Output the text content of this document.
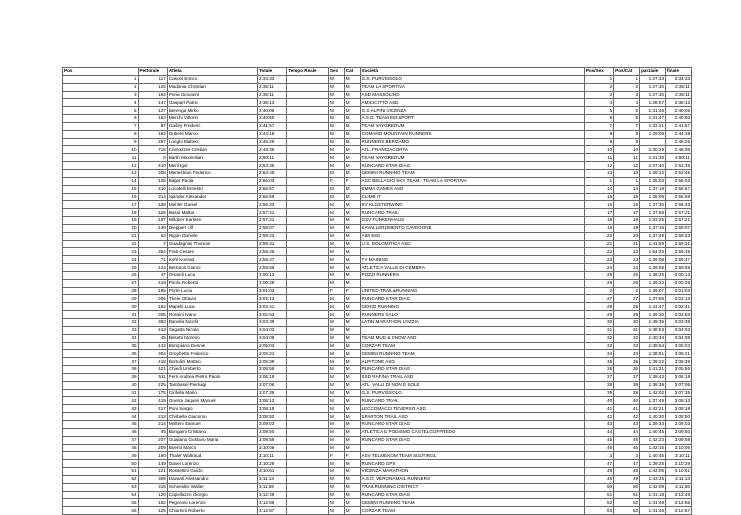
Pos	Pettorale	Atleta	Totale	Tempo Reale	Sex	Cat	Società	Pos/Sex	Pos/Cat	parziale	finale
1	117	Casoni Enrico	2:34:33		M	M	G.S. PURVISSOLO	1	1	1:27:33	2:34:33
2	125	Madonia Christian	2:35:11		M	M	TEAM LA SPORTIVA	2	2	1:27:30	2:35:11
3	164	Poria Giovanni	2:36:11		M	M	ASD MASSOLINO	3	3	1:27:30	2:36:11
4	147	Gasparl Patric	2:38:13		M	M	AMICICITTO ASD	4	4	1:28:07	2:38:13
5	127	Berenga Mirko	2:40:06		M	M	G.S.ALPINI VICENZA	5	5	1:31:46	2:40:06
6	163	Merchi Vittorio	2:40:50		M	M	A.S.D. TEAM EM SPORT	6	6	1:31:47	2:40:50
7	87	Gaibry Frederic	2:41:57		M	M	TEAM VAYGREDUM	7	7	1:32:21	2:41:57
8	162	Duberti Marco	2:44:18		M	M	COMANO MOUNTAIN RUNNERS	8	8	1:29:09	2:44:18
9	257	Longhi Matteo	2:45:25		M	M	RUNNERS BERGAMO	9	9		2:45:25
10	715	Camozzini Cristian	2:48:38		M	M	ATL. FRANCIACORTA	10	10	1:30:29	2:48:38
11	9	Barth Maximilian	2:50:11		M	M	TEAM VAYGREDUM	11	11	1:31:36	2:50:11
12	410	Merli Igor	2:53:39		M	M	RUNCARD STAR DIAG	12	12	1:37:40	2:53:39
13	308	Menestrian Federico	2:53:45		M	M	GEMINI RUNNING TEAM	13	13	1:39:12	2:53:45
14	105	Baljet Paola	2:55:03		F	F	ASC BELLAGIO SKY TEAM - TEAM LA SPORTIVA	1	1	1:35:03	2:55:03
15	410	Locatelli Ernesto	2:55:57		M	M	EMMA GAMES ASD	14	14	1:37:18	2:55:57
16	314	Spinder Alexander	2:55:59		M	M	CLIMB IT	15	15	1:38:08	2:55:59
17	138	Mehler Daniel	2:56:33		M	M	SV KLOSTERWIND	16	16	1:37:30	2:56:33
18	125	Basul Mattia	2:57:21		M	M	RUNCARD TRAIL	17	17	1:37:58	2:57:21
19	187	Wildner Karsten	2:57:21		M	M	GSV FUNKENHAUS	18	18	1:33:25	2:57:21
20	139	Dieppert Ulf	2:58:07		M	M	KAVALLEROMENTO CAVEGONE	19	19	1:37:15	2:58:07
21	53	Rigon Daniele	2:58:23		M	M	AIM SSD	20	20	1:37:49	2:58:23
22	7	Guadagnini Thomas	2:59:31		M	M	U.S. DOLOMITICA ASD	21	21	1:41:59	2:59:31
23	354	Frati Cesare	2:59:45		M	M		22	22	1:54:25	2:59:45
24	71	Kohl Konrad	2:59:47		M	M	TV MAINING	23	23	1:39:08	2:59:47
25	124	Bertaroli Gianni	2:59:58		M	M	ATLETICA VALLE DI CEMBRA	24	24	1:39:58	2:59:58
26	47	Ortandi Luca	3:00:13		M	M	POZZI RUNNERS	25	25	1:38:25	3:00:13
27	419	Pirola Roberto	3:00:29		M	M		26	26	1:39:22	3:00:29
28	186	Porte Lucia	3:01:03		F	F	UNITED TRAIL&RUNNING	2	2	1:39:07	3:01:03
29	306	Theie Ottavio	3:02:13		M	M	RUNCARD STAR DIAG	27	27	1:37:56	3:02:13
30	152	Mapelli Luca	3:02:41		M	M	GENIO RUNNING	28	28	1:41:47	3:02:41
31	305	Rossini Ivano	3:02:53		M	M	RUNNERS SALO'	29	29	1:39:30	3:02:53
32	393	Banella Nicolò	3:03:39		M	M	LATIN MARATHON LOZZIA	30	30	1:39:35	3:03:39
33	413	Segatta Nicola	3:04:03		M	M		31	31	1:38:53	3:04:03
34	45	Besetti Moreno	3:04:08		M	M	TEAM MUD & SNOW ASD	32	32	1:40:34	3:04:08
35	143	Bompiano Dennis	3:05:03		M	M	CORZAR TEAM	33	33	1:39:54	3:05:03
36	304	Gropbetta Federico	3:05:21		M	M	GEMINI RUNNING TEAM	34	34	1:38:51	3:05:21
37	418	Bortolini Matteo	3:05:39		M	M	ALPITONE ASD	35	35	1:39:22	3:05:39
38	421	Chiedi Umberto	3:05:56		M	M	RUNCARD STAR DIAG	36	36	1:41:21	3:05:56
39	511	Ferri Andrea Pietro Paolo	3:06:19		M	M	SSD RAFINA TRAIL ASD	37	37	1:39:43	3:06:19
40	225	Tambasel Pierluigi	3:07:06		M	M	ATL. VALLI DI NON E SOLE	38	38	1:38:39	3:07:06
41	175	Cirifella Mario	3:07:35		M	M	G.S. PURVISSOLO	39	39	1:42:02	3:07:35
42	415	Guerra Jaques Manuel	3:08:13		M	M	RUNCARD TRAIL	40	40	1:37:49	3:08:13
43	417	Poni Sergio	3:08:18		M	M	LECCOMACCI TEVERSO ASD	41	41	1:42:21	3:08:18
44	213	Chirbella Giacomo	3:08:50		M	M	SPARTON TRAIL ASD	42	42	1:40:30	3:08:50
45	214	Molteni Samuel	3:09:03		M	M	RUNCARD STAR DIAG	43	43	1:39:33	3:09:03
46	45	Bongaini Cristiano	3:09:50		M	M	ATLETICA E PODISMO CASTELGOFFREDO	44	44	1:40:45	3:09:50
47	207	Gualiano Gustavo Maria	3:09:58		M	M	RUNCARD STAR DIAG	45	45	1:42:23	3:09:58
48	209	Boerni Marco	3:10:06		M	M		46	46	1:42:16	3:10:06
49	160	Thaler Waltraud	3:10:11		F	F	ASV TELMEKOM TEAM SUDTIROL	3	3	1:40:45	3:10:11
50	149	Danei Lorenzo	3:10:29		M	M	RUNCARD GPS	47	47	1:39:25	3:10:29
51	121	Rossettini Guido	3:10:51		M	M	VICENZA MARATHON	48	48	1:42:05	3:10:51
52	309	Davanti Alessandro	3:11:13		M	M	A.S.D. VERONAMAIL RUNNERS	49	49	1:43:25	3:11:13
53	315	Schneider Walter	3:11:56		M	M	TRAILRUNNING DISTRICT	50	50	1:42:09	3:11:56
54	120	Capellazzo Giorgio	3:12:49		M	M	RUNCARD STAR DIAG	51	51	1:41:19	3:12:49
55	152	Pegoraro Lorenzo	3:12:56		M	M	GEMINI RUNNING TEAM	52	52	1:41:49	3:12:56
56	125	Chiornini Roberto	3:12:57		M	M	CORZAR TEAM	53	53	1:41:46	3:12:57
